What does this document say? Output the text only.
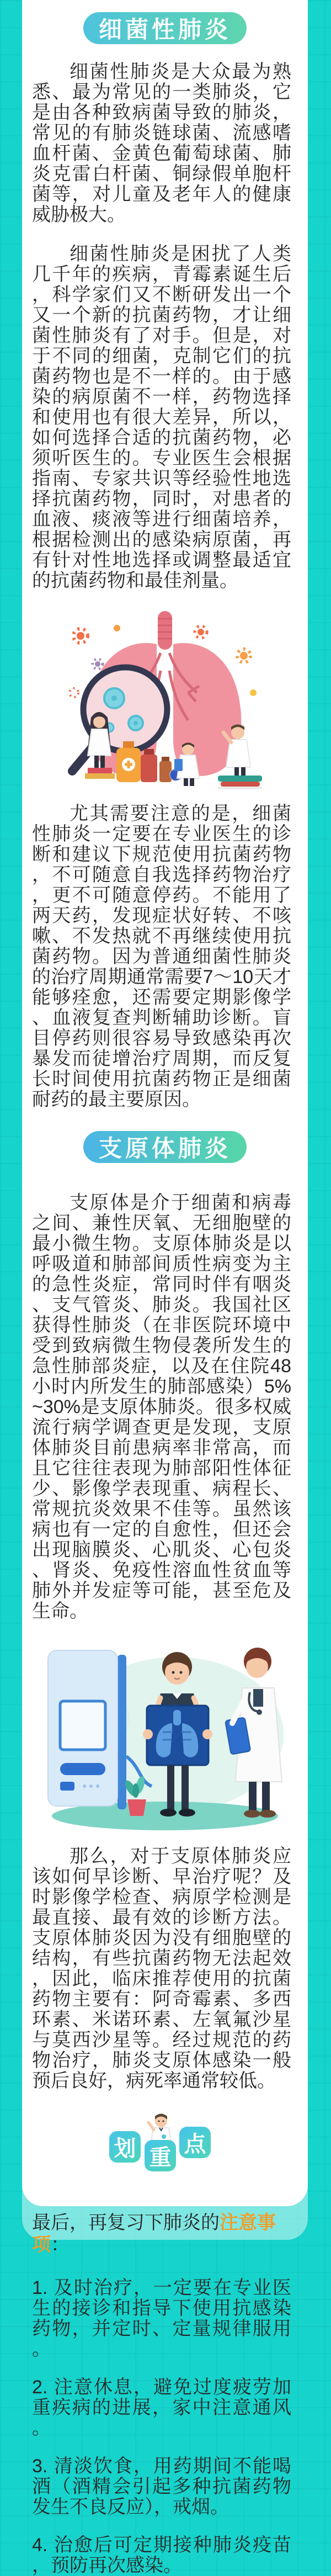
细菌性肺炎

细菌性肺炎是大众最为熟悉、最为常见的一类肺炎，它是由各种致病菌导致的肺炎，常见的有肺炎链球菌、流感嗜血杆菌、金黄色葡萄球菌、肺炎克雷白杆菌、铜绿假单胞杆菌等，对儿童及老年人的健康威胁极大。

细菌性肺炎是困扰了人类几千年的疾病，青霉素诞生后，科学家们又不断研发出一个又一个新的抗菌药物，才让细菌性肺炎有了对手。但是，对于不同的细菌，克制它们的抗菌药物也是不一样的。由于感染的病原菌不一样，药物选择和使用也有很大差异，所以，如何选择合适的抗菌药物，必须听医生的。专业医生会根据指南、专家共识等经验性地选择抗菌药物，同时，对患者的血液、痰液等进行细菌培养，根据检测出的感染病原菌，再有针对性地选择或调整最适宜的抗菌药物和最佳剂量。

尤其需要注意的是，细菌性肺炎一定要在专业医生的诊断和建议下规范使用抗菌药物，不可随意自我选择药物治疗，更不可随意停药。不能用了两天药，发现症状好转、不咳嗽、不发热就不再继续使用抗菌药物。因为普通细菌性肺炎的治疗周期通常需要7～10天才能够痊愈，还需要定期影像学、血液复查判断辅助诊断。盲目停药则很容易导致感染再次暴发而徒增治疗周期，而反复长时间使用抗菌药物正是细菌耐药的最主要原因。

支原体肺炎

支原体是介于细菌和病毒之间、兼性厌氧、无细胞壁的最小微生物。支原体肺炎是以呼吸道和肺部间质性病变为主的急性炎症，常同时伴有咽炎、支气管炎、肺炎。我国社区获得性肺炎（在非医院环境中受到致病微生物侵袭所发生的急性肺部炎症，以及在住院48小时内所发生的肺部感染）5%~30%是支原体肺炎。很多权威流行病学调查更是发现，支原体肺炎目前患病率非常高，而且它往往表现为肺部阳性体征少、影像学表现重、病程长、常规抗炎效果不佳等。虽然该病也有一定的自愈性，但还会出现脑膜炎、心肌炎、心包炎、肾炎、免疫性溶血性贫血等肺外并发症等可能，甚至危及生命。

那么，对于支原体肺炎应该如何早诊断、早治疗呢？及时影像学检查、病原学检测是最直接、最有效的诊断方法。支原体肺炎因为没有细胞壁的结构，有些抗菌药物无法起效，因此，临床推荐使用的抗菌药物主要有：阿奇霉素、多西环素、米诺环素、左氧氟沙星与莫西沙星等。经过规范的药物治疗，肺炎支原体感染一般预后良好，病死率通常较低。

划 重
点

最后，再复习下肺炎的注意事项：

1. 及时治疗，一定要在专业医生的接诊和指导下使用抗感染药物，并定时、定量规律服用。

2. 注意休息，避免过度疲劳加重疾病的进展，家中注意通风。

3. 清淡饮食，用药期间不能喝酒（酒精会引起多种抗菌药物发生不良反应），戒烟。

4. 治愈后可定期接种肺炎疫苗，预防再次感染。
